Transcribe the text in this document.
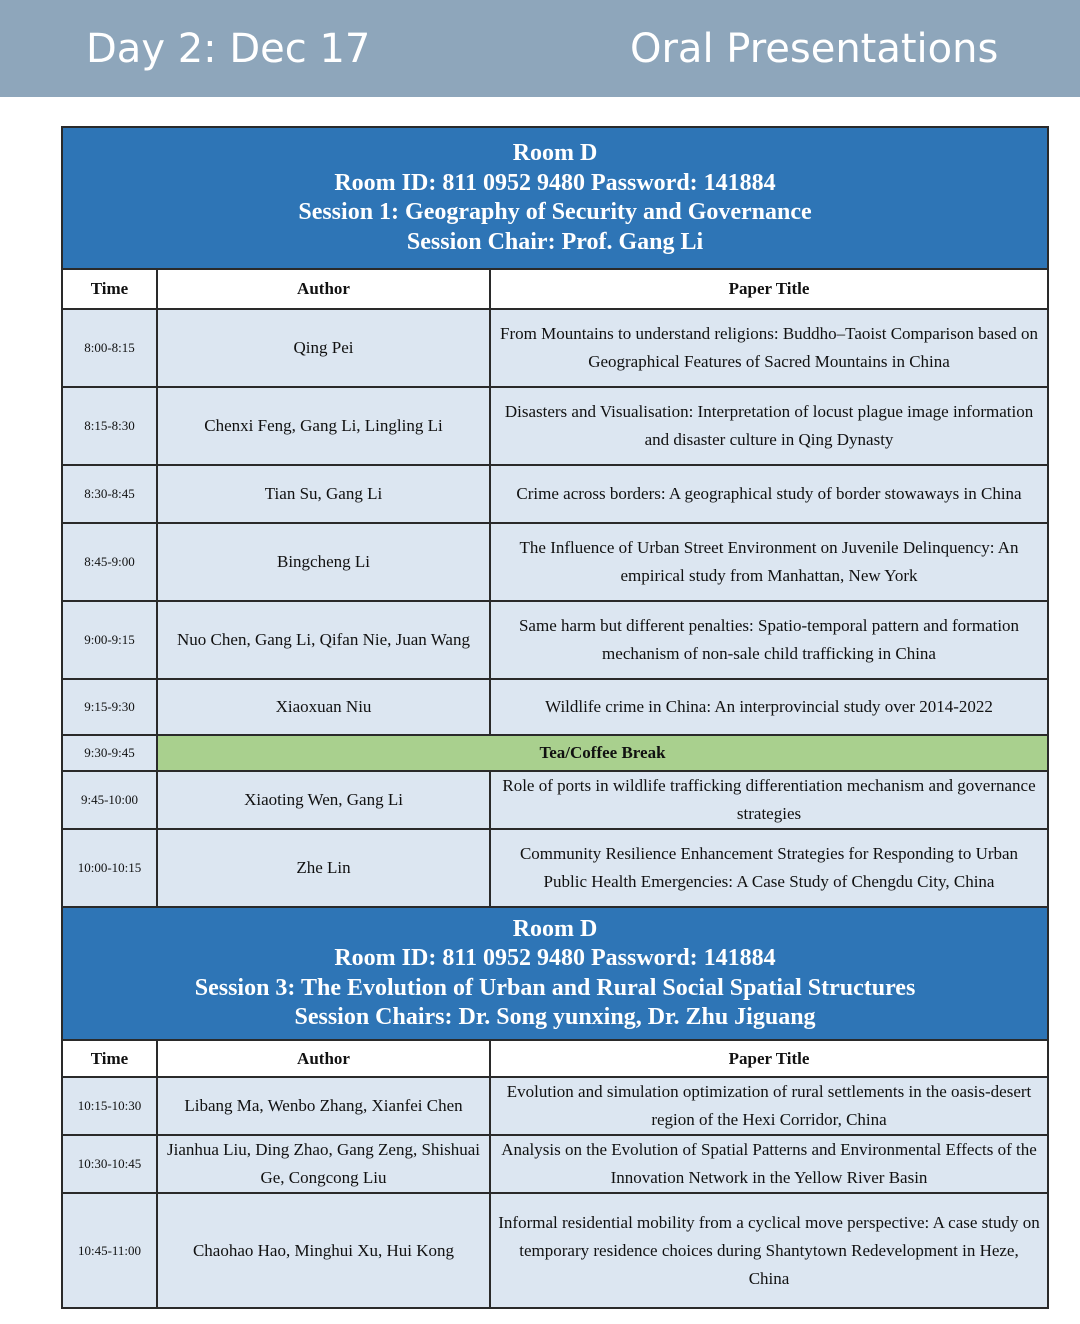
Day 2: Dec 17	Oral Presentations
Room D
Room ID: 811 0952 9480 Password: 141884
Session 1: Geography of Security and Governance
Session Chair: Prof. Gang Li		

Time	Author	Paper Title
8:00-8:15	Qing Pei	From Mountains to understand religions: Buddho–Taoist Comparison based on Geographical Features of Sacred Mountains in China
8:15-8:30	Chenxi Feng, Gang Li, Lingling Li	Disasters and Visualisation: Interpretation of locust plague image information and disaster culture in Qing Dynasty
8:30-8:45	Tian Su, Gang Li	Crime across borders: A geographical study of border stowaways in China
8:45-9:00	Bingcheng Li	The Influence of Urban Street Environment on Juvenile Delinquency: An empirical study from Manhattan, New York
9:00-9:15	Nuo Chen, Gang Li, Qifan Nie, Juan Wang	Same harm but different penalties: Spatio-temporal pattern and formation mechanism of non-sale child trafficking in China
9:15-9:30	Xiaoxuan Niu	Wildlife crime in China: An interprovincial study over 2014-2022
9:30-9:45	Tea/Coffee Break	
9:45-10:00	Xiaoting Wen, Gang Li	Role of ports in wildlife trafficking differentiation mechanism and governance strategies
10:00-10:15	Zhe Lin	Community Resilience Enhancement Strategies for Responding to Urban Public Health Emergencies: A Case Study of Chengdu City, China

Room D
Room ID: 811 0952 9480 Password: 141884
Session 3: The Evolution of Urban and Rural Social Spatial Structures
Session Chairs: Dr. Song yunxing, Dr. Zhu Jiguang		

Time	Author	Paper Title
10:15-10:30	Libang Ma, Wenbo Zhang, Xianfei Chen	Evolution and simulation optimization of rural settlements in the oasis-desert region of the Hexi Corridor, China
10:30-10:45	Jianhua Liu, Ding Zhao, Gang Zeng, Shishuai Ge, Congcong Liu	Analysis on the Evolution of Spatial Patterns and Environmental Effects of the Innovation Network in the Yellow River Basin
10:45-11:00	Chaohao Hao, Minghui Xu, Hui Kong	Informal residential mobility from a cyclical move perspective: A case study on temporary residence choices during Shantytown Redevelopment in Heze, China
